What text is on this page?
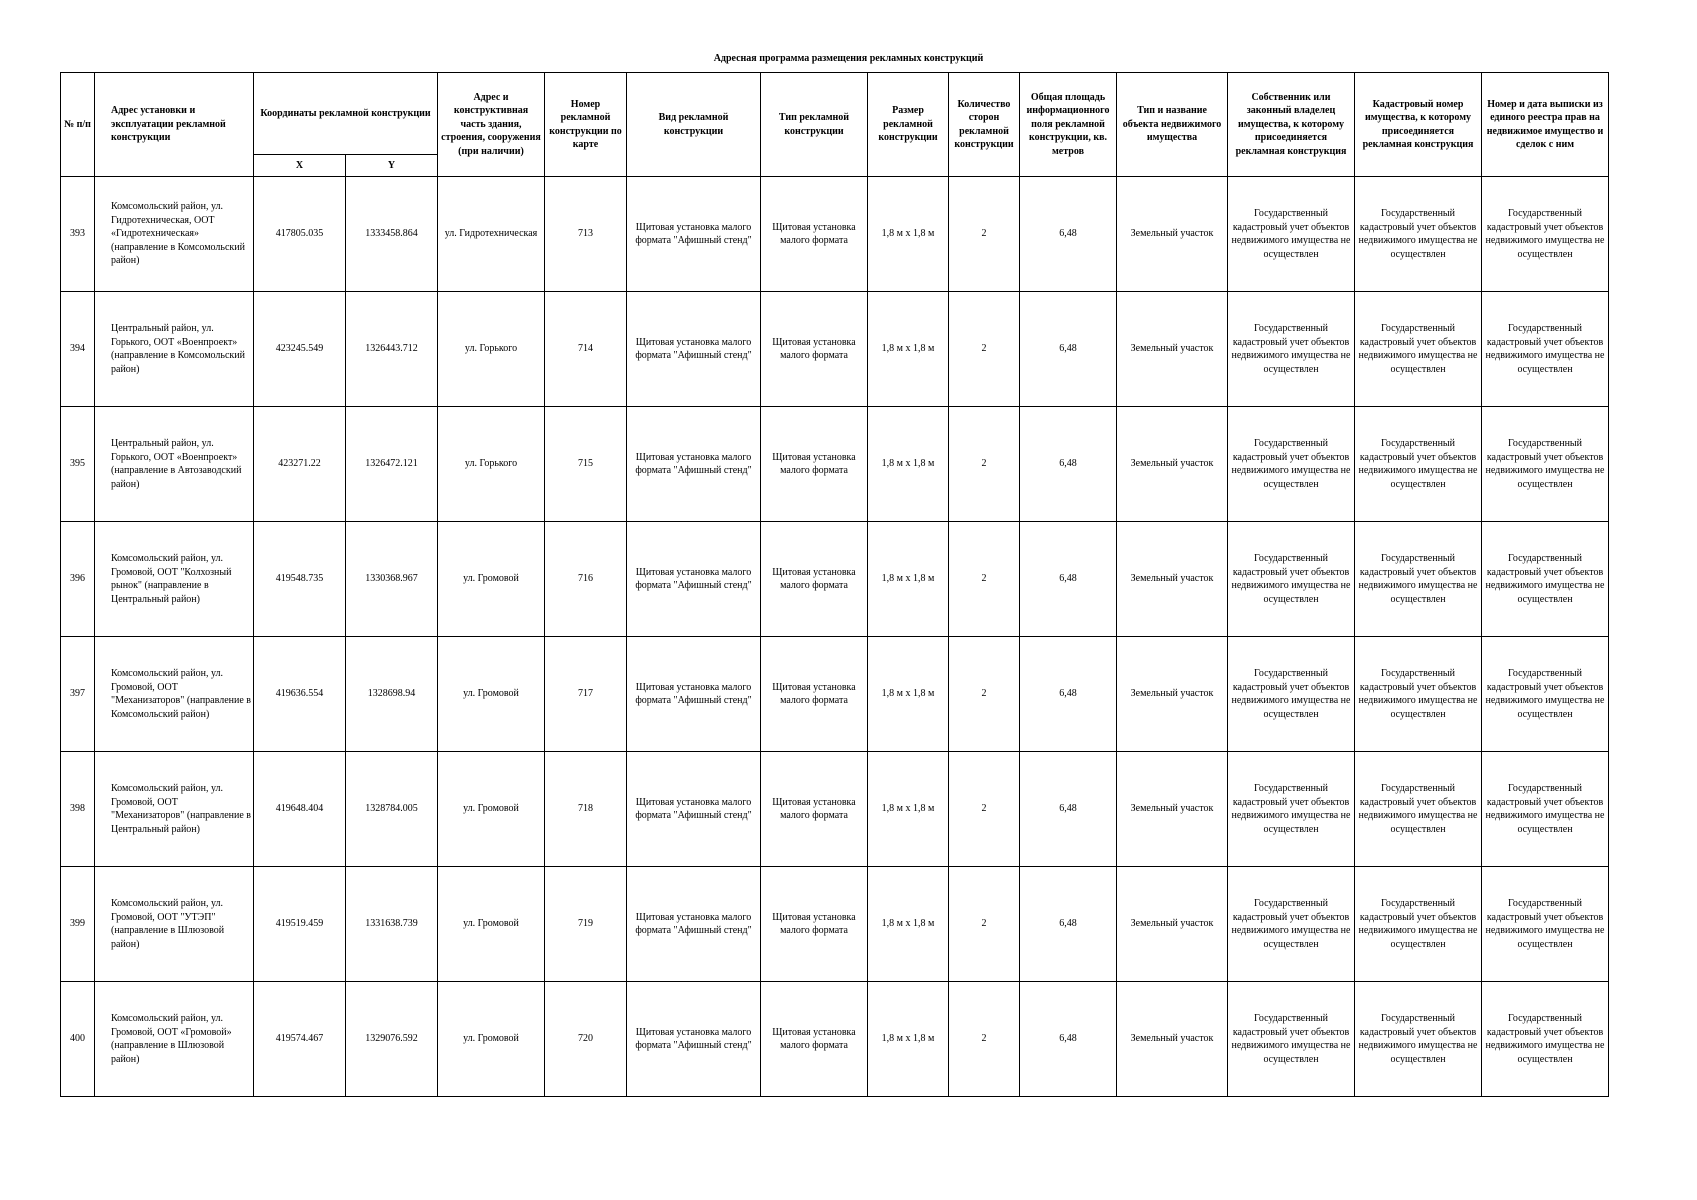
Адресная программа размещения рекламных конструкций
№ п/п	Адрес установки и эксплуатации рекламной конструкции	Координаты рекламной конструкции		Адрес и конструктивная часть здания, строения, сооружения (при наличии)	Номер рекламной конструкции по карте	Вид рекламной конструкции	Тип рекламной конструкции	Размер рекламной конструкции	Количество сторон рекламной конструкции	Общая площадь информационного поля рекламной конструкции, кв. метров	Тип и название объекта недвижимого имущества	Собственник или законный владелец имущества, к которому присоединяется рекламная конструкция	Кадастровый номер имущества, к которому присоединяется рекламная конструкция	Номер и дата выписки из единого реестра прав на недвижимое имущество и сделок с ним
		X	Y											
393	Комсомольский район, ул. Гидротехническая, ООТ «Гидротехническая» (направление в Комсомольский район)	417805.035	1333458.864	ул. Гидротехническая	713	Щитовая установка малого формата "Афишный стенд"	Щитовая установка малого формата	1,8 м х 1,8 м	2	6,48	Земельный участок	Государственный кадастровый учет объектов недвижимого имущества не осуществлен	Государственный кадастровый учет объектов недвижимого имущества не осуществлен	Государственный кадастровый учет объектов недвижимого имущества не осуществлен
394	Центральный район, ул. Горького, ООТ «Военпроект» (направление в Комсомольский район)	423245.549	1326443.712	ул. Горького	714	Щитовая установка малого формата "Афишный стенд"	Щитовая установка малого формата	1,8 м х 1,8 м	2	6,48	Земельный участок	Государственный кадастровый учет объектов недвижимого имущества не осуществлен	Государственный кадастровый учет объектов недвижимого имущества не осуществлен	Государственный кадастровый учет объектов недвижимого имущества не осуществлен
395	Центральный район, ул. Горького, ООТ «Военпроект» (направление в Автозаводский район)	423271.22	1326472.121	ул. Горького	715	Щитовая установка малого формата "Афишный стенд"	Щитовая установка малого формата	1,8 м х 1,8 м	2	6,48	Земельный участок	Государственный кадастровый учет объектов недвижимого имущества не осуществлен	Государственный кадастровый учет объектов недвижимого имущества не осуществлен	Государственный кадастровый учет объектов недвижимого имущества не осуществлен
396	Комсомольский район, ул. Громовой, ООТ "Колхозный рынок" (направление в Центральный район)	419548.735	1330368.967	ул. Громовой	716	Щитовая установка малого формата "Афишный стенд"	Щитовая установка малого формата	1,8 м х 1,8 м	2	6,48	Земельный участок	Государственный кадастровый учет объектов недвижимого имущества не осуществлен	Государственный кадастровый учет объектов недвижимого имущества не осуществлен	Государственный кадастровый учет объектов недвижимого имущества не осуществлен
397	Комсомольский район, ул. Громовой, ООТ "Механизаторов" (направление в Комсомольский район)	419636.554	1328698.94	ул. Громовой	717	Щитовая установка малого формата "Афишный стенд"	Щитовая установка малого формата	1,8 м х 1,8 м	2	6,48	Земельный участок	Государственный кадастровый учет объектов недвижимого имущества не осуществлен	Государственный кадастровый учет объектов недвижимого имущества не осуществлен	Государственный кадастровый учет объектов недвижимого имущества не осуществлен
398	Комсомольский район, ул. Громовой, ООТ "Механизаторов" (направление в Центральный район)	419648.404	1328784.005	ул. Громовой	718	Щитовая установка малого формата "Афишный стенд"	Щитовая установка малого формата	1,8 м х 1,8 м	2	6,48	Земельный участок	Государственный кадастровый учет объектов недвижимого имущества не осуществлен	Государственный кадастровый учет объектов недвижимого имущества не осуществлен	Государственный кадастровый учет объектов недвижимого имущества не осуществлен
399	Комсомольский район, ул. Громовой, ООТ "УТЭП" (направление в Шлюзовой район)	419519.459	1331638.739	ул. Громовой	719	Щитовая установка малого формата "Афишный стенд"	Щитовая установка малого формата	1,8 м х 1,8 м	2	6,48	Земельный участок	Государственный кадастровый учет объектов недвижимого имущества не осуществлен	Государственный кадастровый учет объектов недвижимого имущества не осуществлен	Государственный кадастровый учет объектов недвижимого имущества не осуществлен
400	Комсомольский район, ул. Громовой, ООТ «Громовой» (направление в Шлюзовой район)	419574.467	1329076.592	ул. Громовой	720	Щитовая установка малого формата "Афишный стенд"	Щитовая установка малого формата	1,8 м х 1,8 м	2	6,48	Земельный участок	Государственный кадастровый учет объектов недвижимого имущества не осуществлен	Государственный кадастровый учет объектов недвижимого имущества не осуществлен	Государственный кадастровый учет объектов недвижимого имущества не осуществлен
